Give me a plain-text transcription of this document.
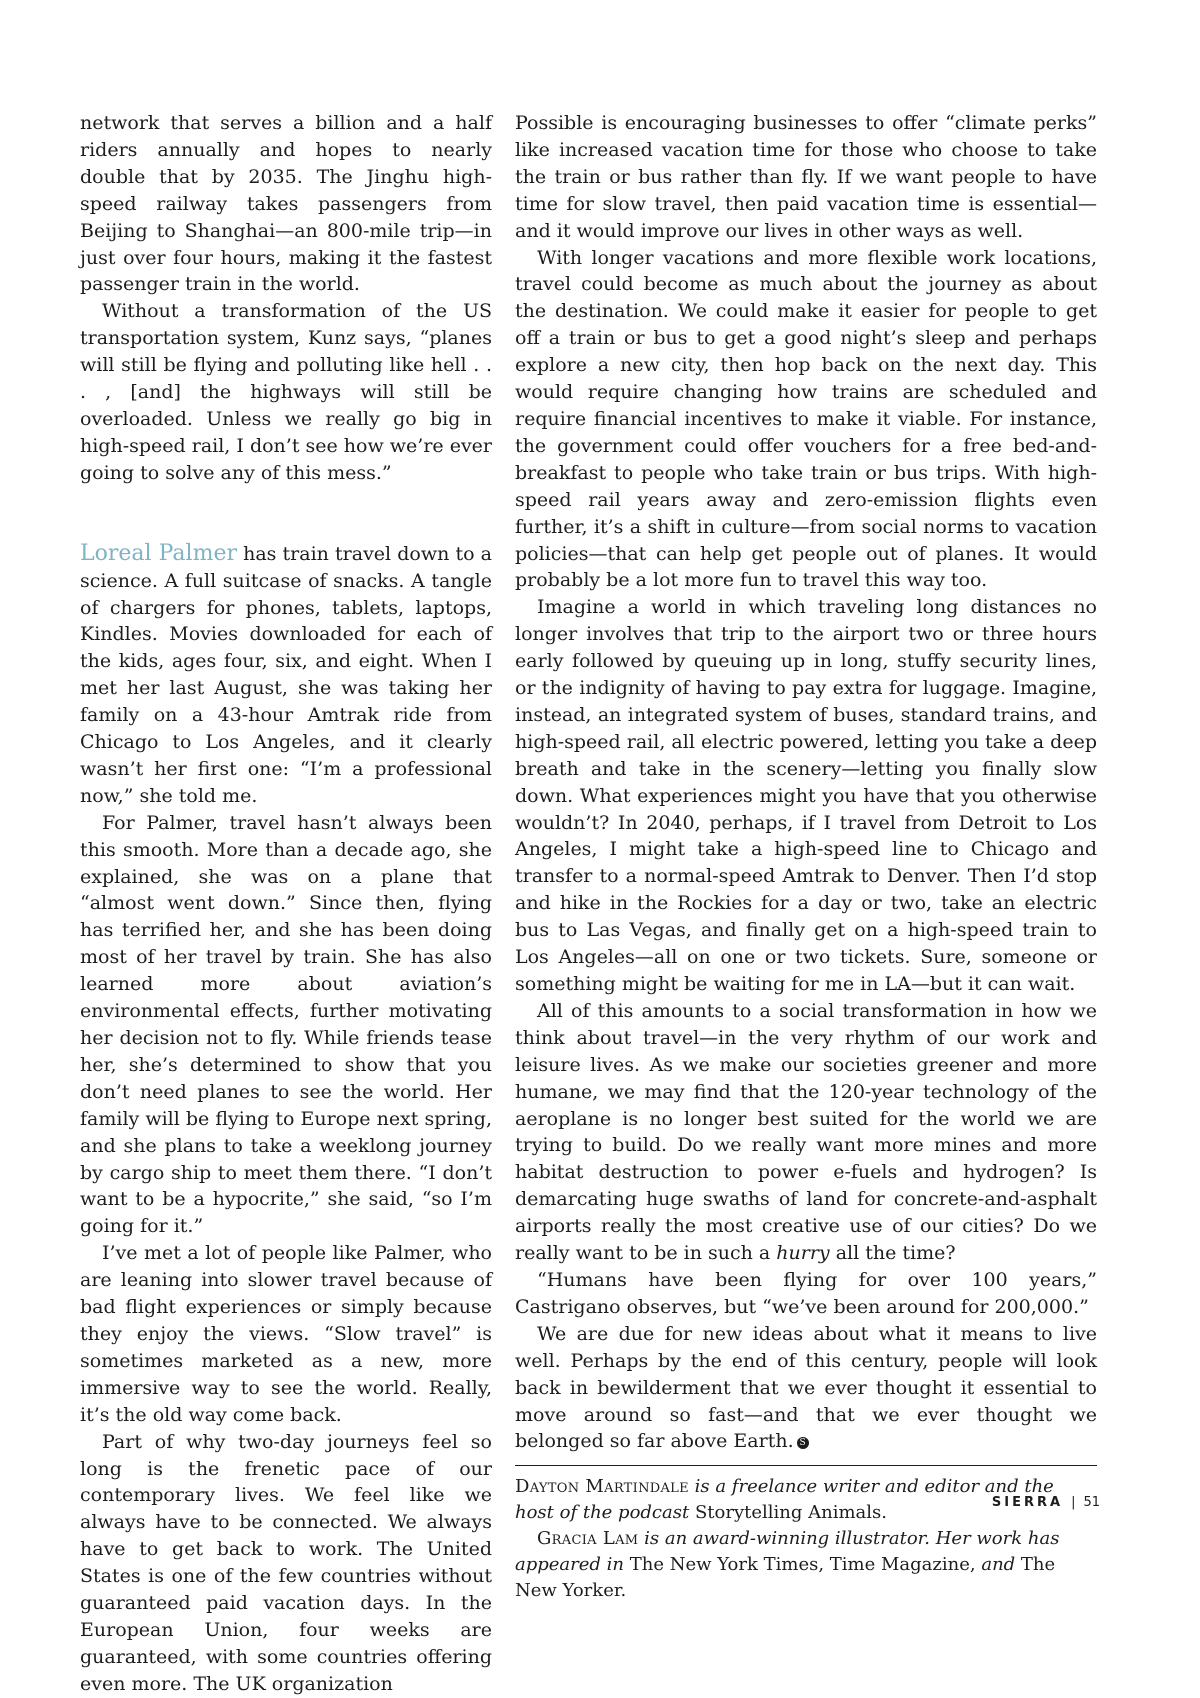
network that serves a billion and a half riders annually and hopes to nearly double that by 2035. The Jinghu high-speed railway takes passengers from Beijing to Shanghai—an 800-mile trip—in just over four hours, making it the fastest passenger train in the world.

Without a transformation of the US transportation system, Kunz says, “planes will still be flying and polluting like hell . . . , [and] the highways will still be overloaded. Unless we really go big in high-speed rail, I don’t see how we’re ever going to solve any of this mess.”

Loreal Palmer has train travel down to a science. A full suitcase of snacks. A tangle of chargers for phones, tablets, laptops, Kindles. Movies downloaded for each of the kids, ages four, six, and eight. When I met her last August, she was taking her family on a 43-hour Amtrak ride from Chicago to Los Angeles, and it clearly wasn’t her first one: “I’m a professional now,” she told me.

For Palmer, travel hasn’t always been this smooth. More than a decade ago, she explained, she was on a plane that “almost went down.” Since then, flying has terrified her, and she has been doing most of her travel by train. She has also learned more about aviation’s environmental effects, further motivating her decision not to fly. While friends tease her, she’s determined to show that you don’t need planes to see the world. Her family will be flying to Europe next spring, and she plans to take a weeklong journey by cargo ship to meet them there. “I don’t want to be a hypocrite,” she said, “so I’m going for it.”

I’ve met a lot of people like Palmer, who are leaning into slower travel because of bad flight experiences or simply because they enjoy the views. “Slow travel” is sometimes marketed as a new, more immersive way to see the world. Really, it’s the old way come back.

Part of why two-day journeys feel so long is the frenetic pace of our contemporary lives. We feel like we always have to be connected. We always have to get back to work. The United States is one of the few countries without guaranteed paid vacation days. In the European Union, four weeks are guaranteed, with some countries offering even more. The UK organization

Possible is encouraging businesses to offer “climate perks” like increased vacation time for those who choose to take the train or bus rather than fly. If we want people to have time for slow travel, then paid vacation time is essential—and it would improve our lives in other ways as well.

With longer vacations and more flexible work locations, travel could become as much about the journey as about the destination. We could make it easier for people to get off a train or bus to get a good night’s sleep and perhaps explore a new city, then hop back on the next day. This would require changing how trains are scheduled and require financial incentives to make it viable. For instance, the government could offer vouchers for a free bed-and-breakfast to people who take train or bus trips. With high-speed rail years away and zero-emission flights even further, it’s a shift in culture—from social norms to vacation policies—that can help get people out of planes. It would probably be a lot more fun to travel this way too.

Imagine a world in which traveling long distances no longer involves that trip to the airport two or three hours early followed by queuing up in long, stuffy security lines, or the indignity of having to pay extra for luggage. Imagine, instead, an integrated system of buses, standard trains, and high-speed rail, all electric powered, letting you take a deep breath and take in the scenery—letting you finally slow down. What experiences might you have that you otherwise wouldn’t? In 2040, perhaps, if I travel from Detroit to Los Angeles, I might take a high-speed line to Chicago and transfer to a normal-speed Amtrak to Denver. Then I’d stop and hike in the Rockies for a day or two, take an electric bus to Las Vegas, and finally get on a high-speed train to Los Angeles—all on one or two tickets. Sure, someone or something might be waiting for me in LA—but it can wait.

All of this amounts to a social transformation in how we think about travel—in the very rhythm of our work and leisure lives. As we make our societies greener and more humane, we may find that the 120-year technology of the aeroplane is no longer best suited for the world we are trying to build. Do we really want more mines and more habitat destruction to power e-fuels and hydrogen? Is demarcating huge swaths of land for concrete-and-asphalt airports really the most creative use of our cities? Do we really want to be in such a hurry all the time?

“Humans have been flying for over 100 years,” Castrigano observes, but “we’ve been around for 200,000.”

We are due for new ideas about what it means to live well. Perhaps by the end of this century, people will look back in bewilderment that we ever thought it essential to move around so fast—and that we ever thought we belonged so far above Earth. S

Dayton Martindale is a freelance writer and editor and the host of the podcast Storytelling Animals.

Gracia Lam is an award-winning illustrator. Her work has appeared in The New York Times, Time Magazine, and The New Yorker.

SIERRA | 51
